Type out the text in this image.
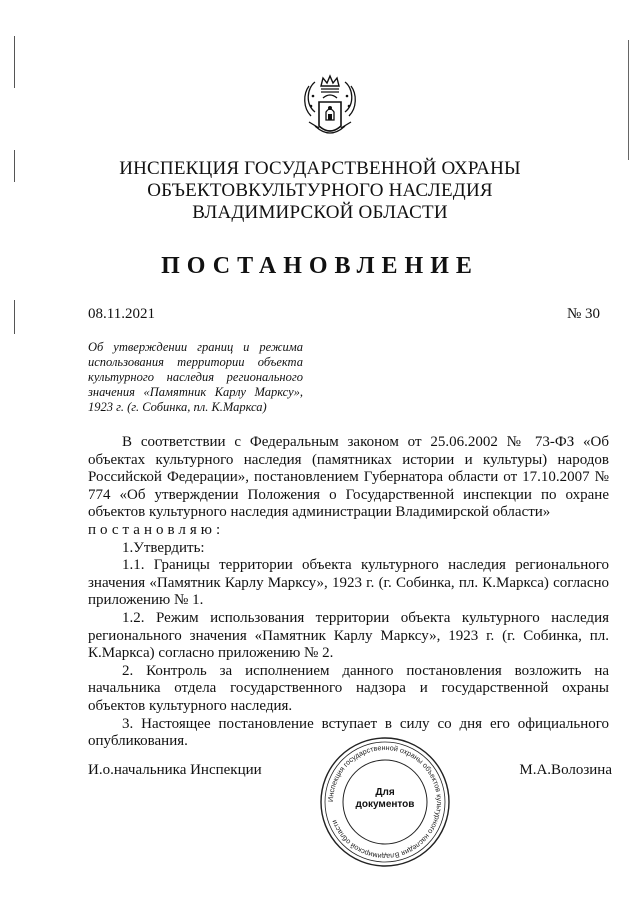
ИНСПЕКЦИЯ ГОСУДАРСТВЕННОЙ ОХРАНЫ
ОБЪЕКТОВКУЛЬТУРНОГО НАСЛЕДИЯ
ВЛАДИМИРСКОЙ ОБЛАСТИ
ПОСТАНОВЛЕНИЕ
08.11.2021	№ 30
Об утверждении границ и режима использования территории объекта культурного наследия регионального значения «Памятник Карлу Марксу», 1923 г. (г. Собинка, пл. К.Маркса)

В соответствии с Федеральным законом от 25.06.2002 № 73-ФЗ «Об объектах культурного наследия (памятниках истории и культуры) народов Российской Федерации», постановлением Губернатора области от 17.10.2007 № 774 «Об утверждении Положения о Государственной инспекции по охране объектов культурного наследия администрации Владимирской области»

постановляю:

1.Утвердить:

1.1. Границы территории объекта культурного наследия регионального значения «Памятник Карлу Марксу», 1923 г. (г. Собинка, пл. К.Маркса) согласно приложению № 1.

1.2. Режим использования территории объекта культурного наследия регионального значения «Памятник Карлу Марксу», 1923 г. (г. Собинка, пл. К.Маркса) согласно приложению № 2.

2. Контроль за исполнением данного постановления возложить на начальника отдела государственного надзора и государственной охраны объектов культурного наследия.

3. Настоящее постановление вступает в силу со дня его официального опубликования.

И.о.начальника Инспекции	М.А.Волозина
Инспекция государственной охраны объектов культурного наследия Владимирской области
Для
документов
